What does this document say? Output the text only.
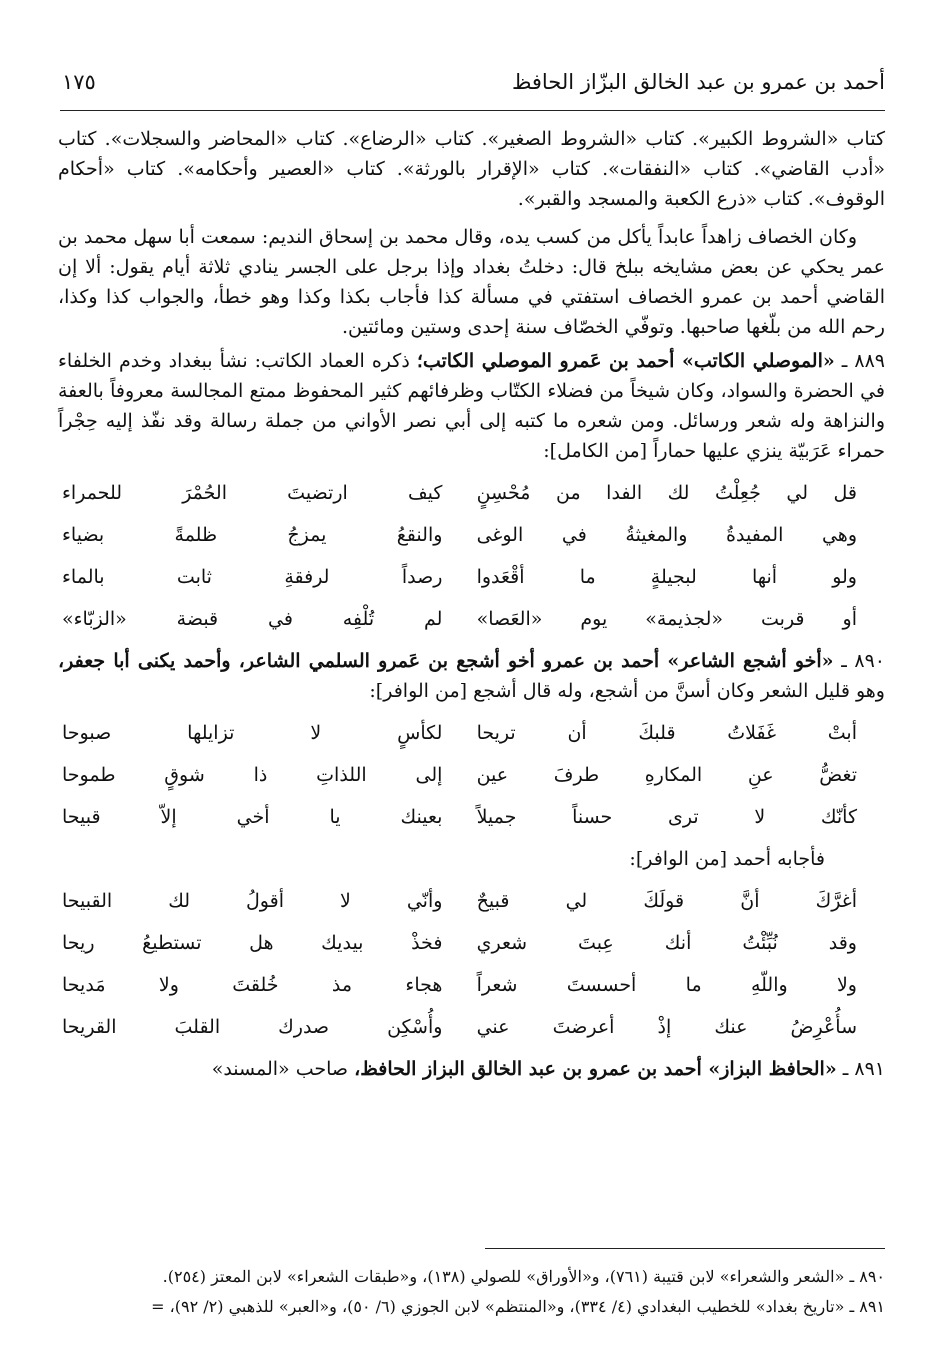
أحمد بن عمرو بن عبد الخالق البزّاز الحافظ
١٧٥

كتاب «الشروط الكبير». كتاب «الشروط الصغير». كتاب «الرضاع». كتاب «المحاضر والسجلات». كتاب «أدب القاضي». كتاب «النفقات». كتاب «الإقرار بالورثة». كتاب «العصير وأحكامه». كتاب «أحكام الوقوف». كتاب «ذرع الكعبة والمسجد والقبر».

وكان الخصاف زاهداً عابداً يأكل من كسب يده، وقال محمد بن إسحاق النديم: سمعت أبا سهل محمد بن عمر يحكي عن بعض مشايخه ببلخ قال: دخلتُ بغداد وإذا برجل على الجسر ينادي ثلاثة أيام يقول: ألا إن القاضي أحمد بن عمرو الخصاف استفتي في مسألة كذا فأجاب بكذا وكذا وهو خطأ، والجواب كذا وكذا، رحم الله من بلّغها صاحبها. وتوفّي الخصّاف سنة إحدى وستين ومائتين.

٨٨٩ ـ «الموصلي الكاتب» أحمد بن عَمرو الموصلي الكاتب؛ ذكره العماد الكاتب: نشأ ببغداد وخدم الخلفاء في الحضرة والسواد، وكان شيخاً من فضلاء الكتّاب وظرفائهم كثير المحفوظ ممتع المجالسة معروفاً بالعفة والنزاهة وله شعر ورسائل. ومن شعره ما كتبه إلى أبي نصر الأواني من جملة رسالة وقد نفّذ إليه حِجْراً حمراء عَرَبيّة ينزي عليها حماراً [من الكامل]:

قل لي جُعِلْتُ لك الفدا من مُحْسِنٍ
كيف ارتضيتَ الحُمْرَ للحمراء
وهي المفيدةُ والمغيثةُ في الوغى
والنقعُ يمزجُ ظلمةً بضياء
ولو أنها لبجيلةٍ ما أقْعَدوا
رصداً لرفقةِ ثابت بالماء
أو قربت «لجذيمة» يوم «العَصا»
لم تُلْفِه في قبضة «الزبّاء»

٨٩٠ ـ «أخو أشجع الشاعر» أحمد بن عمرو أخو أشجع بن عَمرو السلمي الشاعر، وأحمد يكنى أبا جعفر، وهو قليل الشعر وكان أسنَّ من أشجع، وله قال أشجع [من الوافر]:

أبتْ غَفَلاتُ قلبكَ أن تريحا
لكأسٍ لا تزايلها صبوحا
تغضُّ عنِ المكارهِ طرفَ عين
إلى اللذاتِ ذا شوقٍ طموحا
كأنّك لا ترى حسناً جميلاً
بعينك يا أخي إلاّ قبيحا

فأجابه أحمد [من الوافر]:

أغرَّكَ أنَّ قولَكَ لي قبيحٌ
وأنّي لا أقولُ لك القبيحا
وقد نُبِّئْتُ أنك عِبتَ شعري
فخذْ بيديك هل تستطيعُ ريحا
ولا واللّهِ ما أحسستَ شعراً
هجاء مذ خُلقتَ ولا مَديحا
سأُعْرِضُ عنك إذْ أعرضتَ عني
وأُسْكِن صدرك القلبَ القريحا

٨٩١ ـ «الحافظ البزاز» أحمد بن عمرو بن عبد الخالق البزاز الحافظ، صاحب «المسند»

٨٩٠ ـ «الشعر والشعراء» لابن قتيبة (٧٦١)، و«الأوراق» للصولي (١٣٨)، و«طبقات الشعراء» لابن المعتز (٢٥٤).

٨٩١ ـ «تاريخ بغداد» للخطيب البغدادي (٤/ ٣٣٤)، و«المنتظم» لابن الجوزي (٦/ ٥٠)، و«العبر» للذهبي (٢/ ٩٢)، =
